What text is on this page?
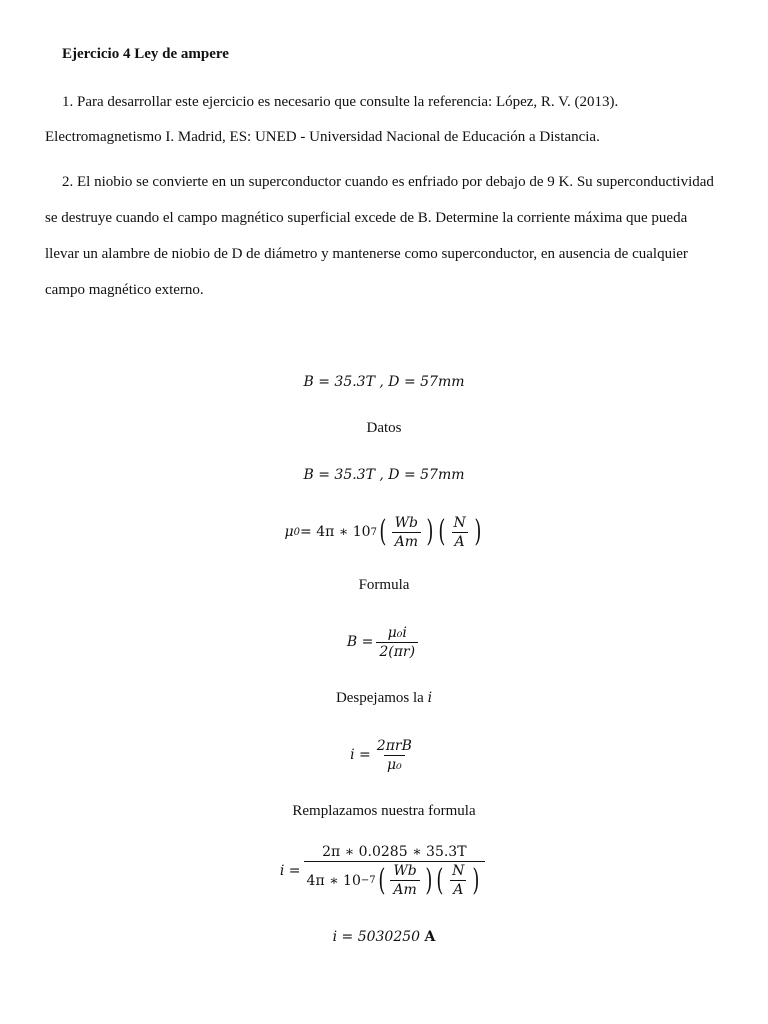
Ejercicio 4 Ley de ampere
1. Para desarrollar este ejercicio es necesario que consulte la referencia: López, R. V. (2013).
Electromagnetismo I. Madrid, ES: UNED - Universidad Nacional de Educación a Distancia.
2. El niobio se convierte en un superconductor cuando es enfriado por debajo de 9 K. Su superconductividad
se destruye cuando el campo magnético superficial excede de B. Determine la corriente máxima que pueda
llevar un alambre de niobio de D de diámetro y mantenerse como superconductor, en ausencia de cualquier
campo magnético externo.
B = 35.3T , D = 57mm
Datos
B = 35.3T , D = 57mm
μ 0 = 4π ∗ 10 7 ( $\frac{Wb}{Am}$ ) ( $\frac{N}{A}$ )
Formula
$B = \frac{\text{μ₀i}}{2(\pi r)}$
Despejamos la i
$i = \frac{\text{2πrB}}{\text{μ₀}}$
Remplazamos nuestra formula
i =
2π ∗ 0.0285 ∗ 35.3T
4π ∗ 10 −7 ( $\frac{Wb}{Am}$ ) ( $\frac{N}{A}$ )
i = 5030250 A
